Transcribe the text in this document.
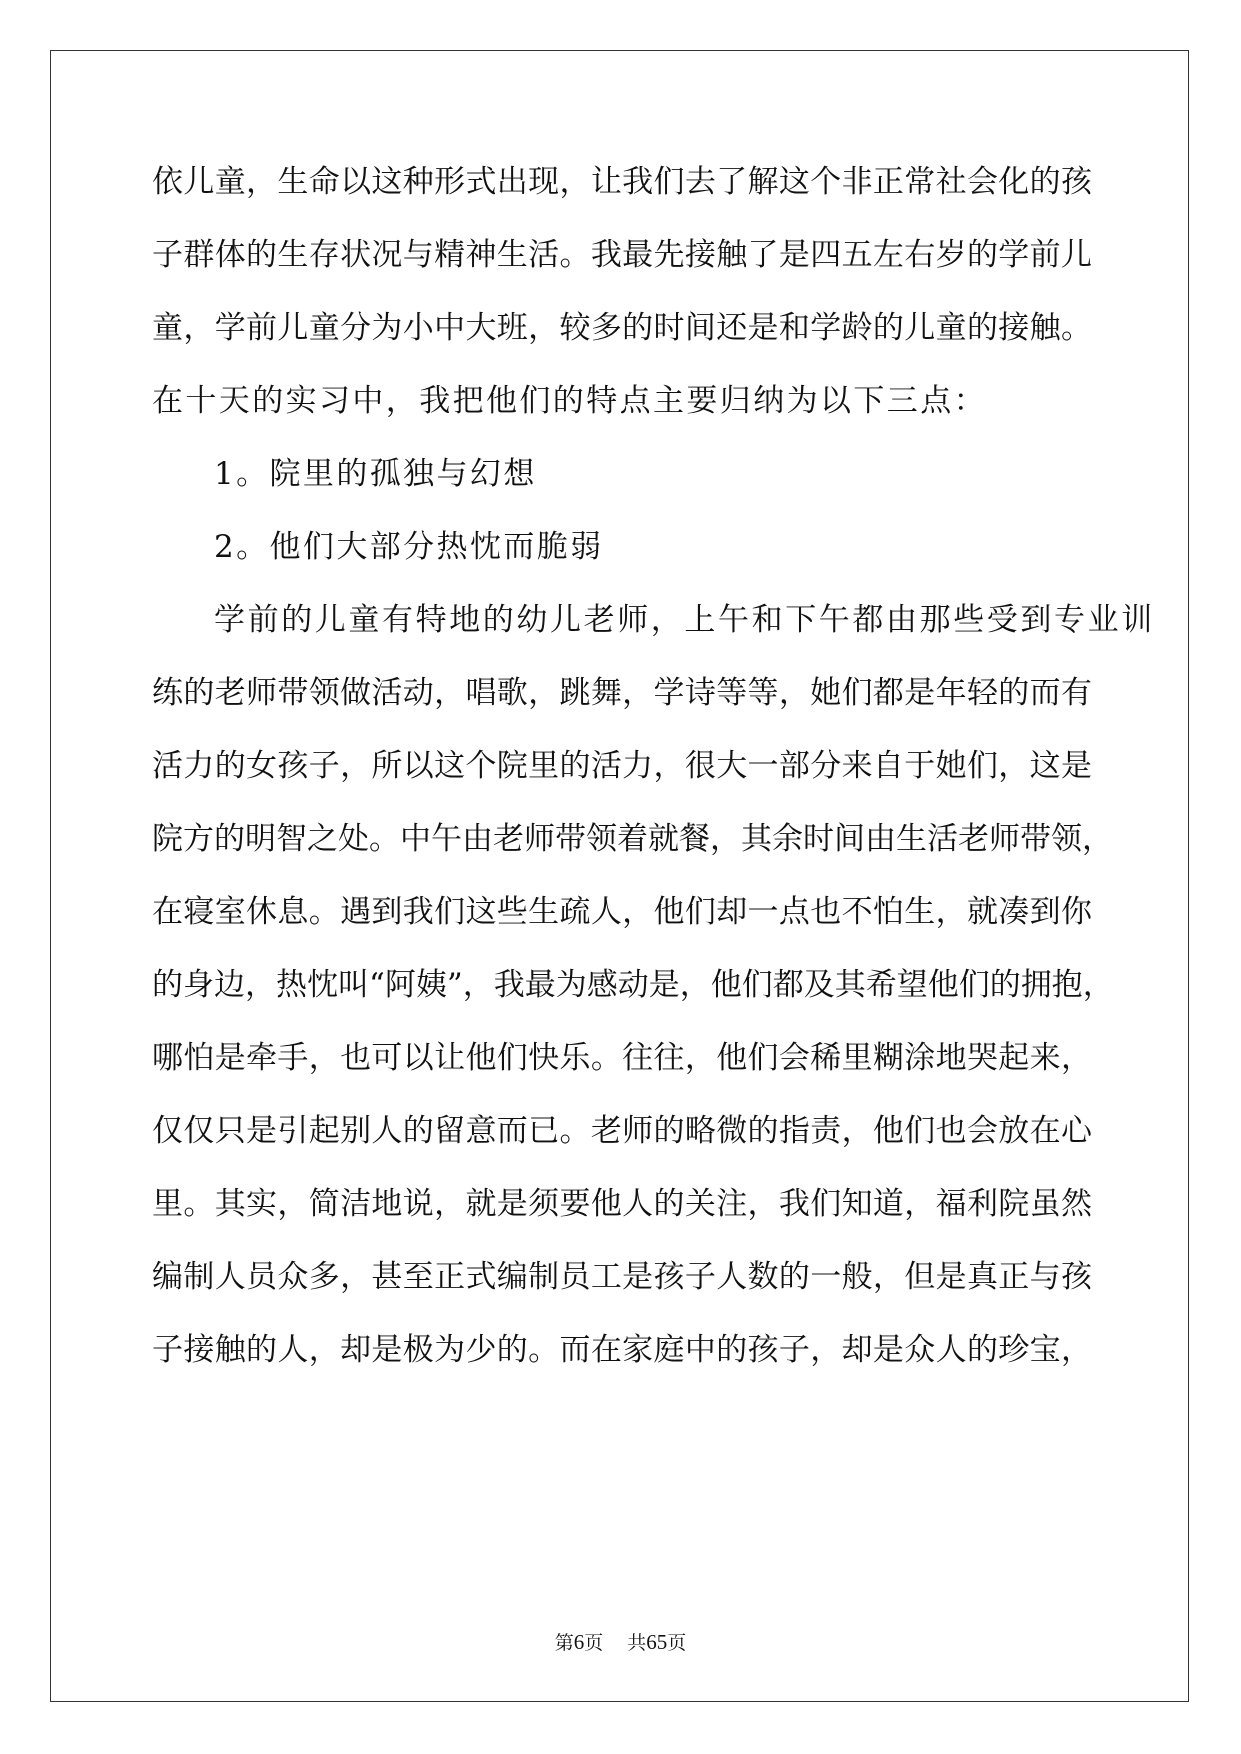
依儿童，生命以这种形式出现，让我们去了解这个非正常社会化的孩
子群体的生存状况与精神生活。我最先接触了是四五左右岁的学前儿
童，学前儿童分为小中大班，较多的时间还是和学龄的儿童的接触。
在十天的实习中，我把他们的特点主要归纳为以下三点：
1。院里的孤独与幻想
2。他们大部分热忱而脆弱
学前的儿童有特地的幼儿老师，上午和下午都由那些受到专业训
练的老师带领做活动，唱歌，跳舞，学诗等等，她们都是年轻的而有
活力的女孩子，所以这个院里的活力，很大一部分来自于她们，这是
院方的明智之处。中午由老师带领着就餐，其余时间由生活老师带领，
在寝室休息。遇到我们这些生疏人，他们却一点也不怕生，就凑到你
的身边，热忱叫“阿姨”，我最为感动是，他们都及其希望他们的拥抱，
哪怕是牵手，也可以让他们快乐。往往，他们会稀里糊涂地哭起来，
仅仅只是引起别人的留意而已。老师的略微的指责，他们也会放在心
里。其实，简洁地说，就是须要他人的关注，我们知道，福利院虽然
编制人员众多，甚至正式编制员工是孩子人数的一般，但是真正与孩
子接触的人，却是极为少的。而在家庭中的孩子，却是众人的珍宝，
第6页 共65页
